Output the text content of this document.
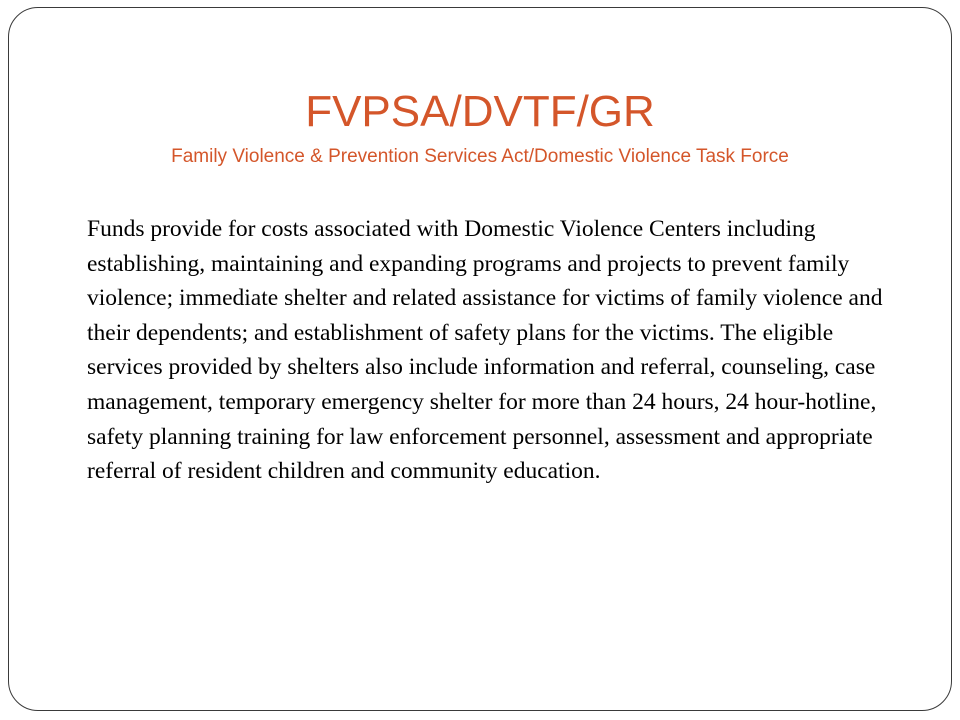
FVPSA/DVTF/GR

Family Violence & Prevention Services Act/Domestic Violence Task Force

Funds provide for costs associated with Domestic Violence Centers including establishing, maintaining and expanding programs and projects to prevent family violence; immediate shelter and related assistance for victims of family violence and their dependents; and establishment of safety plans for the victims. The eligible services provided by shelters also include information and referral, counseling, case management, temporary emergency shelter for more than 24 hours, 24 hour-hotline, safety planning training for law enforcement personnel, assessment and appropriate referral of resident children and community education.
